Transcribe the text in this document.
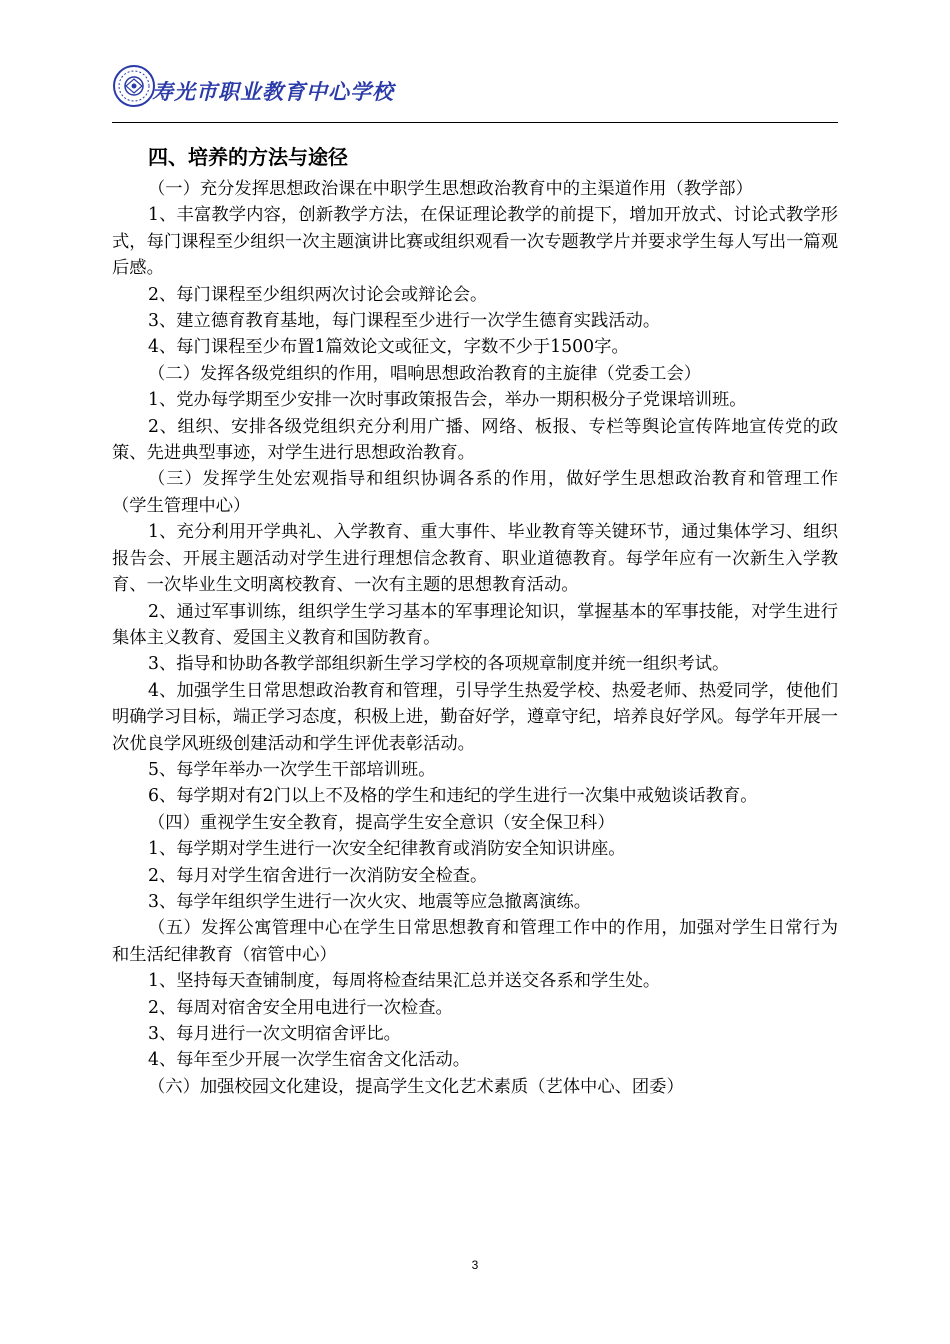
寿光市职业教育中心学校
四、培养的方法与途径

（一）充分发挥思想政治课在中职学生思想政治教育中的主渠道作用（教学部）

1、丰富教学内容，创新教学方法，在保证理论教学的前提下，增加开放式、讨论式教学形式，每门课程至少组织一次主题演讲比赛或组织观看一次专题教学片并要求学生每人写出一篇观后感。

2、每门课程至少组织两次讨论会或辩论会。

3、建立德育教育基地，每门课程至少进行一次学生德育实践活动。

4、每门课程至少布置1篇效论文或征文，字数不少于1500字。

（二）发挥各级党组织的作用，唱响思想政治教育的主旋律（党委工会）

1、党办每学期至少安排一次时事政策报告会，举办一期积极分子党课培训班。

2、组织、安排各级党组织充分利用广播、网络、板报、专栏等舆论宣传阵地宣传党的政策、先进典型事迹，对学生进行思想政治教育。

（三）发挥学生处宏观指导和组织协调各系的作用，做好学生思想政治教育和管理工作（学生管理中心）

1、充分利用开学典礼、入学教育、重大事件、毕业教育等关键环节，通过集体学习、组织报告会、开展主题活动对学生进行理想信念教育、职业道德教育。每学年应有一次新生入学教育、一次毕业生文明离校教育、一次有主题的思想教育活动。

2、通过军事训练，组织学生学习基本的军事理论知识，掌握基本的军事技能，对学生进行集体主义教育、爱国主义教育和国防教育。

3、指导和协助各教学部组织新生学习学校的各项规章制度并统一组织考试。

4、加强学生日常思想政治教育和管理，引导学生热爱学校、热爱老师、热爱同学，使他们明确学习目标，端正学习态度，积极上进，勤奋好学，遵章守纪，培养良好学风。每学年开展一次优良学风班级创建活动和学生评优表彰活动。

5、每学年举办一次学生干部培训班。

6、每学期对有2门以上不及格的学生和违纪的学生进行一次集中戒勉谈话教育。

（四）重视学生安全教育，提高学生安全意识（安全保卫科）

1、每学期对学生进行一次安全纪律教育或消防安全知识讲座。

2、每月对学生宿舍进行一次消防安全检查。

3、每学年组织学生进行一次火灾、地震等应急撤离演练。

（五）发挥公寓管理中心在学生日常思想教育和管理工作中的作用，加强对学生日常行为和生活纪律教育（宿管中心）

1、坚持每天查铺制度，每周将检查结果汇总并送交各系和学生处。

2、每周对宿舍安全用电进行一次检查。

3、每月进行一次文明宿舍评比。

4、每年至少开展一次学生宿舍文化活动。

（六）加强校园文化建设，提高学生文化艺术素质（艺体中心、团委）

3
